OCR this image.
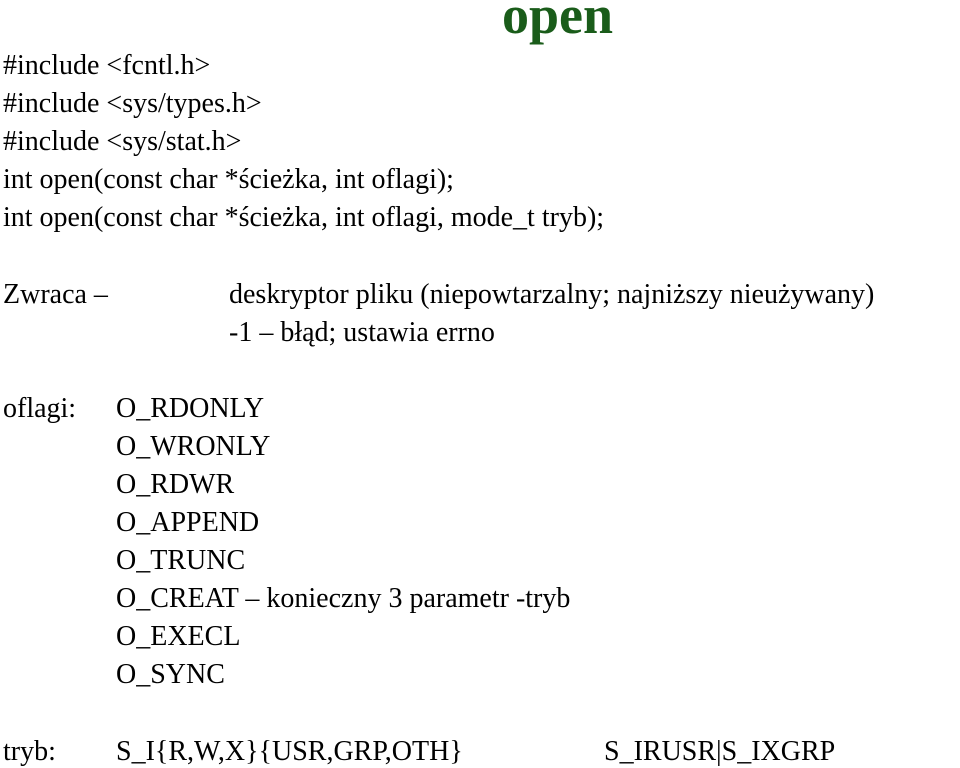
open
#include <fcntl.h>
#include <sys/types.h>
#include <sys/stat.h>
int open(const char *ścieżka, int oflagi);
int open(const char *ścieżka, int oflagi, mode_t tryb);
Zwraca –	deskryptor pliku (niepowtarzalny; najniższy nieużywany)
-1 – błąd; ustawia errno
oflagi: O_RDONLY
O_WRONLY
O_RDWR
O_APPEND
O_TRUNC
O_CREAT – konieczny 3 parametr -tryb
O_EXECL
O_SYNC
tryb: S_I{R,W,X}{USR,GRP,OTH}	S_IRUSR|S_IXGRP
